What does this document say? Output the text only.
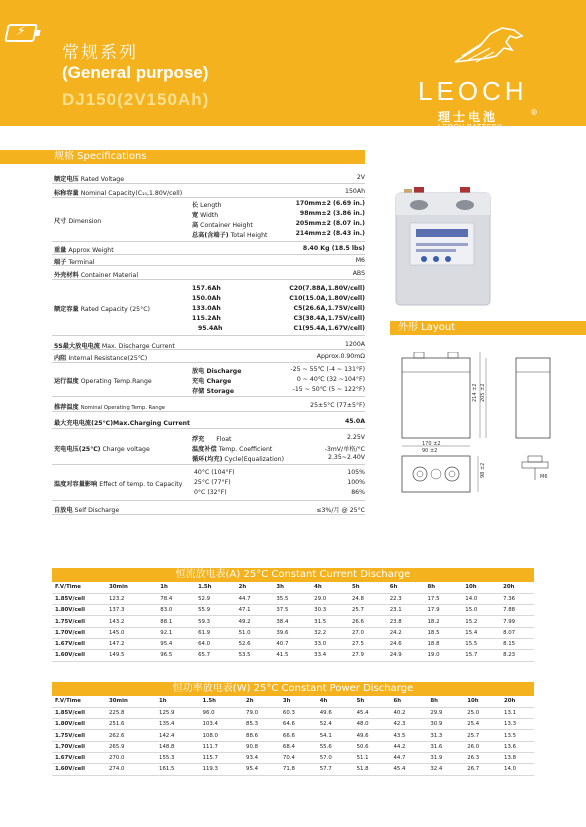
⚡
常规系列
(General purpose)
DJ150(2V150Ah)	LEOCH
理士电池
LEOCH BATTERY
®
规格 Specifications
额定电压 Rated Voltage	2V
标称容量 Nominal Capacity(C₁₀,1.80V/cell)	150Ah
尺寸 Dimension
长 Length	170mm±2 (6.69 in.)
宽 Width	98mm±2 (3.86 in.)
高 Container Height	205mm±2 (8.07 in.)
总高(含端子) Total Height	214mm±2 (8.43 in.)
重量 Approx Weight	8.40 Kg (18.5 lbs)
端子 Terminal	M6
外壳材料 Container Material	ABS
额定容量 Rated Capacity (25°C)
157.6Ah	C20(7.88A,1.80V/cell)
150.0Ah	C10(15.0A,1.80V/cell)
133.0Ah	C5(26.6A,1.75V/cell)
115.2Ah	C3(38.4A,1.75V/cell)
95.4Ah	C1(95.4A,1.67V/cell)
5S最大放电电流 Max. Discharge Current	1200A
内阻 Internal Resistance(25℃)	Approx.0.90mΩ
运行温度 Operating Temp.Range
放电 Discharge	-25 ~ 55℃ (-4 ~ 131°F)
充电 Charge	0 ~ 40℃ (32 ~104°F)
存储 Storage	-15 ~ 50℃ (5 ~ 122°F)
推荐温度 Nominal Operating Temp. Range	25±5°C (77±5°F)
最大充电电流(25°C)Max.Charging Current	45.0A
充电电压(25℃) Charge voltage
浮充 Float	2.25V
温度补偿 Temp. Coefficient	-3mV/单格/°C
循环(均充) Cycle(Equalization)	2.35~2.40V
温度对容量影响 Effect of temp. to Capacity
40°C (104°F)	105%
25°C (77°F)	100%
0°C (32°F)	86%
自放电 Self Discharge	≤3%/月 @ 25°C
外形 Layout
214 ±2 205 ±2
170 ±2
90 ±2
98 ±2	M6
恒流放电表(A) 25°C Constant Current Discharge
F.V/Time	30min	1h	1.5h	2h	3h	4h	5h	6h	8h	10h	20h
1.85V/cell	123.2	78.4	52.9	44.7	35.5	29.0	24.8	22.3	17.5	14.0	7.36
1.80V/cell	137.3	83.0	55.9	47.1	37.5	30.3	25.7	23.1	17.9	15.0	7.88
1.75V/cell	143.2	88.1	59.3	49.2	38.4	31.5	26.6	23.8	18.2	15.2	7.99
1.70V/cell	145.0	92.1	61.9	51.0	39.6	32.2	27.0	24.2	18.5	15.4	8.07
1.67V/cell	147.2	95.4	64.0	52.6	40.7	33.0	27.5	24.6	18.8	15.5	8.15
1.60V/cell	149.5	96.5	65.7	53.5	41.5	33.4	27.9	24.9	19.0	15.7	8.23
恒功率放电表(W) 25°C Constant Power Discharge
F.V/Time	30min	1h	1.5h	2h	3h	4h	5h	6h	8h	10h	20h
1.85V/cell	225.8	125.9	96.0	79.0	60.3	49.6	45.4	40.2	29.9	25.0	13.1
1.80V/cell	251.6	135.4	103.4	85.3	64.6	52.4	48.0	42.3	30.9	25.4	13.3
1.75V/cell	262.6	142.4	108.0	88.6	66.6	54.1	49.6	43.5	31.3	25.7	13.5
1.70V/cell	265.9	148.8	111.7	90.8	68.4	55.6	50.6	44.2	31.6	26.0	13.6
1.67V/cell	270.0	155.3	115.7	93.4	70.4	57.0	51.1	44.7	31.9	26.3	13.8
1.60V/cell	274.0	161.5	119.3	95.4	71.8	57.7	51.8	45.4	32.4	26.7	14.0
